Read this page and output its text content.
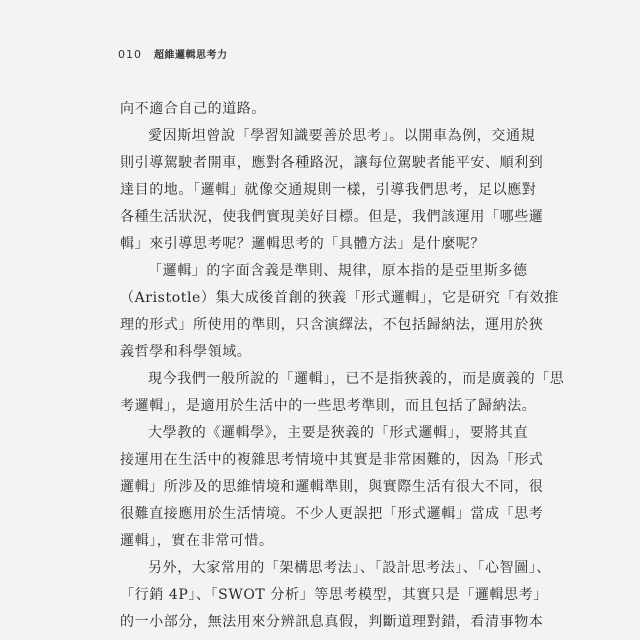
010 超維邏輯思考力
向不適合自己的道路。
愛因斯坦曾說「學習知識要善於思考」。以開車為例，交通規
則引導駕駛者開車，應對各種路況，讓每位駕駛者能平安、順利到
達目的地。「邏輯」就像交通規則一樣，引導我們思考，足以應對
各種生活狀況，使我們實現美好目標。但是，我們該運用「哪些邏
輯」來引導思考呢？邏輯思考的「具體方法」是什麼呢？
「邏輯」的字面含義是準則、規律，原本指的是亞里斯多德
（Aristotle）集大成後首創的狹義「形式邏輯」，它是研究「有效推
理的形式」所使用的準則，只含演繹法，不包括歸納法，運用於狹
義哲學和科學領域。
現今我們一般所說的「邏輯」，已不是指狹義的，而是廣義的「思
考邏輯」，是適用於生活中的一些思考準則，而且包括了歸納法。
大學教的《邏輯學》，主要是狹義的「形式邏輯」，要將其直
接運用在生活中的複雜思考情境中其實是非常困難的，因為「形式
邏輯」所涉及的思維情境和邏輯準則，與實際生活有很大不同，很
很難直接應用於生活情境。不少人更誤把「形式邏輯」當成「思考
邏輯」，實在非常可惜。
另外，大家常用的「架構思考法」、「設計思考法」、「心智圖」、
「行銷 4P」、「SWOT 分析」等思考模型，其實只是「邏輯思考」
的一小部分，無法用來分辨訊息真假，判斷道理對錯，看清事物本
